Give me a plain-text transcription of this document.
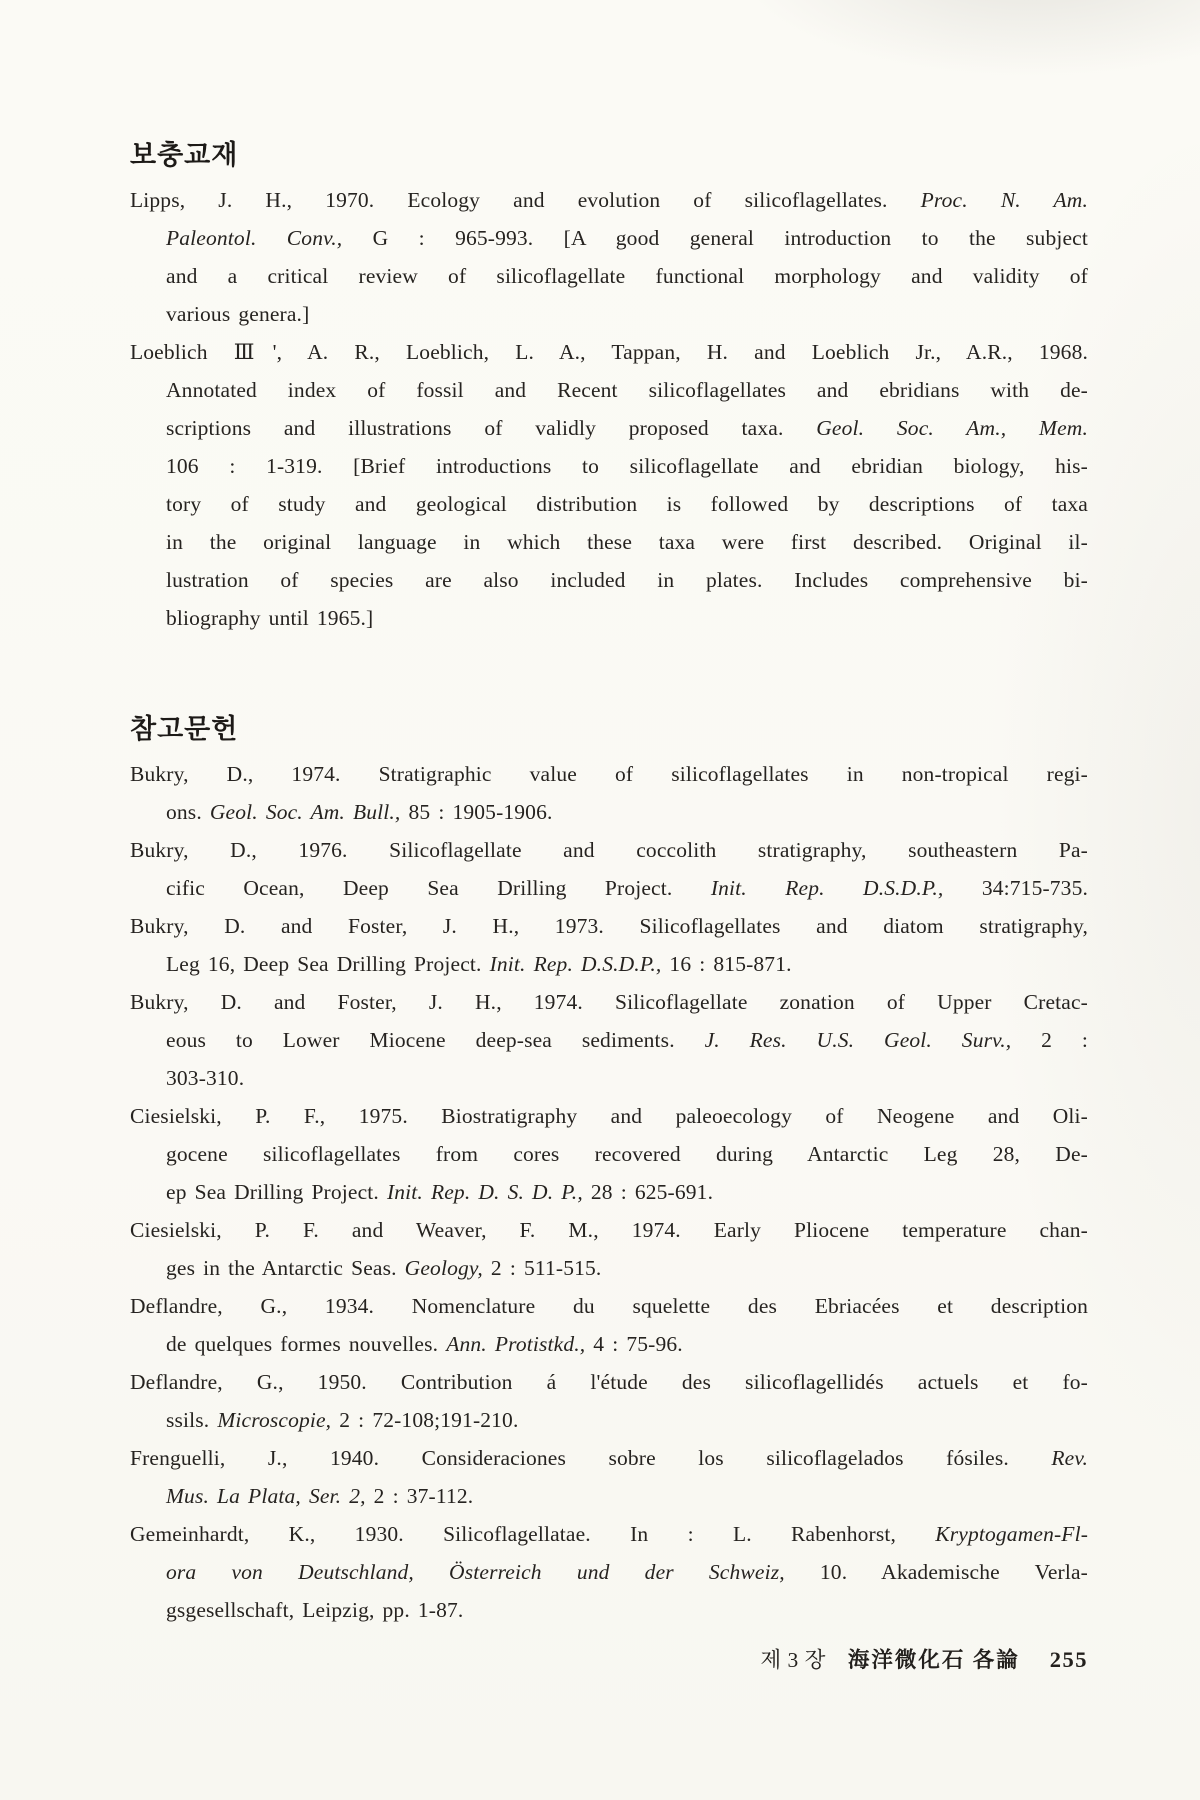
보충교재
Lipps, J. H., 1970. Ecology and evolution of silicoflagellates. Proc. N. Am.
Paleontol. Conv., G : 965-993. [A good general introduction to the subject
and a critical review of silicoflagellate functional morphology and validity of
various genera.]
Loeblich Ⅲ', A. R., Loeblich, L. A., Tappan, H. and Loeblich Jr., A.R., 1968.
Annotated index of fossil and Recent silicoflagellates and ebridians with de-
scriptions and illustrations of validly proposed taxa. Geol. Soc. Am., Mem.
106 : 1-319. [Brief introductions to silicoflagellate and ebridian biology, his-
tory of study and geological distribution is followed by descriptions of taxa
in the original language in which these taxa were first described. Original il-
lustration of species are also included in plates. Includes comprehensive bi-
bliography until 1965.]
참고문헌
Bukry, D., 1974. Stratigraphic value of silicoflagellates in non-tropical regi-
ons. Geol. Soc. Am. Bull., 85 : 1905-1906.
Bukry, D., 1976. Silicoflagellate and coccolith stratigraphy, southeastern Pa-
cific Ocean, Deep Sea Drilling Project. Init. Rep. D.S.D.P., 34:715-735.
Bukry, D. and Foster, J. H., 1973. Silicoflagellates and diatom stratigraphy,
Leg 16, Deep Sea Drilling Project. Init. Rep. D.S.D.P., 16 : 815-871.
Bukry, D. and Foster, J. H., 1974. Silicoflagellate zonation of Upper Cretac-
eous to Lower Miocene deep-sea sediments. J. Res. U.S. Geol. Surv., 2 :
303-310.
Ciesielski, P. F., 1975. Biostratigraphy and paleoecology of Neogene and Oli-
gocene silicoflagellates from cores recovered during Antarctic Leg 28, De-
ep Sea Drilling Project. Init. Rep. D. S. D. P., 28 : 625-691.
Ciesielski, P. F. and Weaver, F. M., 1974. Early Pliocene temperature chan-
ges in the Antarctic Seas. Geology, 2 : 511-515.
Deflandre, G., 1934. Nomenclature du squelette des Ebriacées et description
de quelques formes nouvelles. Ann. Protistkd., 4 : 75-96.
Deflandre, G., 1950. Contribution á l'étude des silicoflagellidés actuels et fo-
ssils. Microscopie, 2 : 72-108;191-210.
Frenguelli, J., 1940. Consideraciones sobre los silicoflagelados fósiles. Rev.
Mus. La Plata, Ser. 2, 2 : 37-112.
Gemeinhardt, K., 1930. Silicoflagellatae. In : L. Rabenhorst, Kryptogamen-Fl-
ora von Deutschland, Österreich und der Schweiz, 10. Akademische Verla-
gsgesellschaft, Leipzig, pp. 1-87.
제 3 장 海洋微化石 各論 255
